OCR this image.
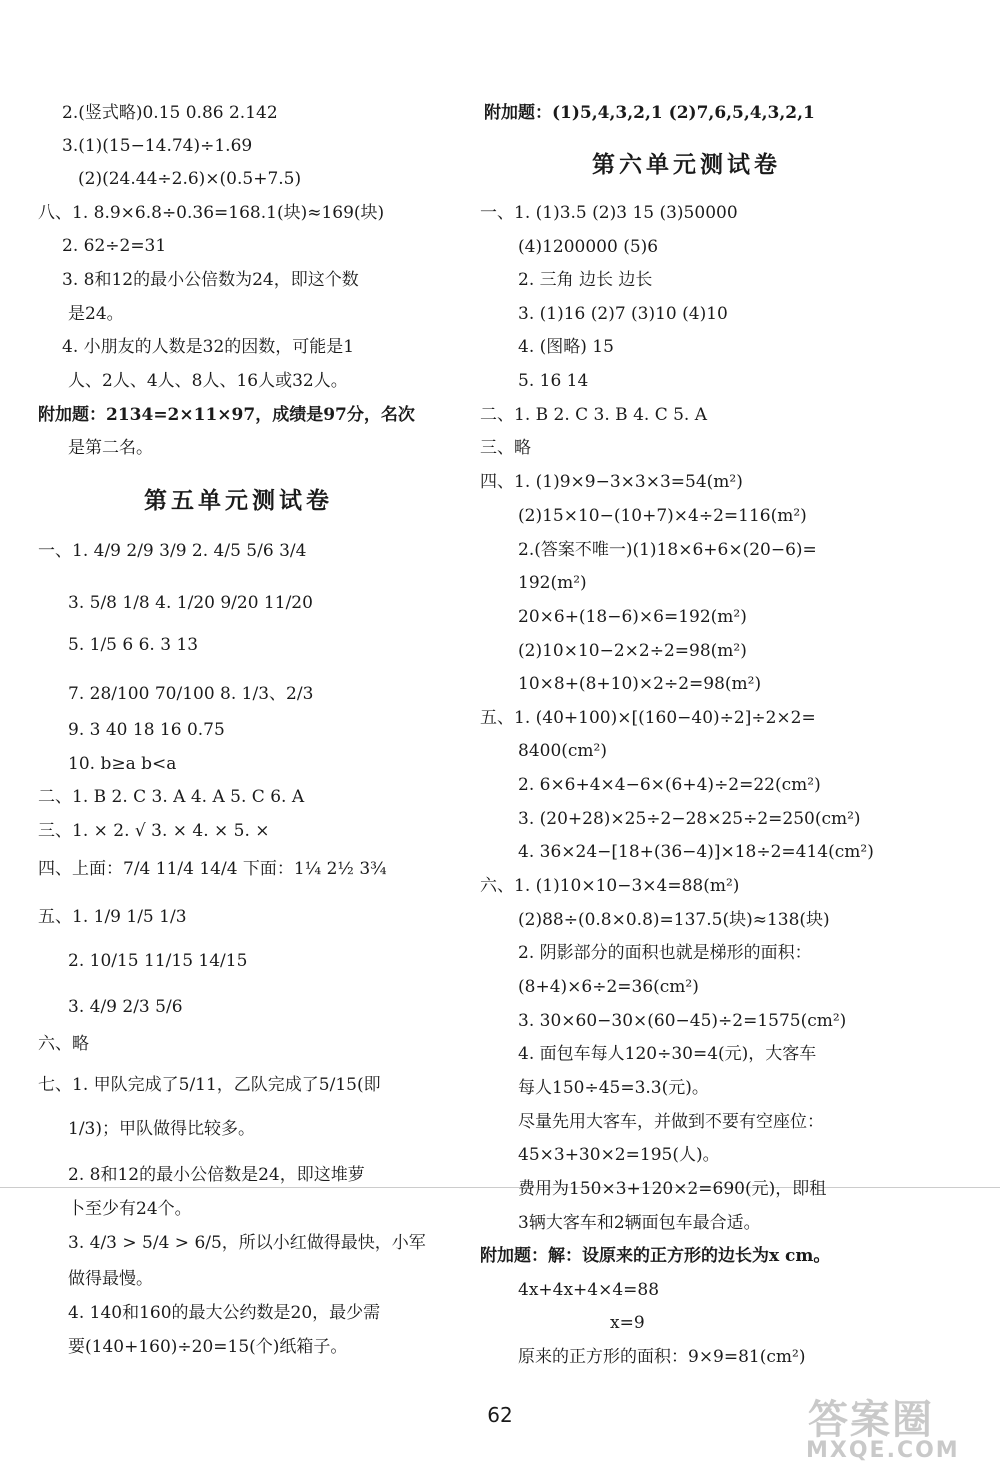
2.(竖式略)0.15 0.86 2.142
3.(1)(15−14.74)÷1.69
(2)(24.44÷2.6)×(0.5+7.5)
八、1. 8.9×6.8÷0.36=168.1(块)≈169(块)
2. 62÷2=31
3. 8和12的最小公倍数为24，即这个数
是24。
4. 小朋友的人数是32的因数，可能是1
人、2人、4人、8人、16人或32人。
附加题：2134=2×11×97，成绩是97分，名次
是第二名。
第五单元测试卷
一、1. 4/9 2/9 3/9 2. 4/5 5/6 3/4
3. 5/8 1/8 4. 1/20 9/20 11/20
5. 1/5 6 6. 3 13
7. 28/100 70/100 8. 1/3、2/3
9. 3 40 18 16 0.75
10. b≥a b<a
二、1. B 2. C 3. A 4. A 5. C 6. A
三、1. × 2. √ 3. × 4. × 5. ×
四、上面：7/4 11/4 14/4 下面：1¼ 2½ 3¾
五、1. 1/9 1/5 1/3
2. 10/15 11/15 14/15
3. 4/9 2/3 5/6
六、略
七、1. 甲队完成了5/11，乙队完成了5/15(即
1/3)；甲队做得比较多。
2. 8和12的最小公倍数是24，即这堆萝
卜至少有24个。
3. 4/3 > 5/4 > 6/5，所以小红做得最快，小军
做得最慢。
4. 140和160的最大公约数是20，最少需
要(140+160)÷20=15(个)纸箱子。
附加题：(1)5,4,3,2,1 (2)7,6,5,4,3,2,1
第六单元测试卷
一、1. (1)3.5 (2)3 15 (3)50000
(4)1200000 (5)6
2. 三角 边长 边长
3. (1)16 (2)7 (3)10 (4)10
4. (图略) 15
5. 16 14
二、1. B 2. C 3. B 4. C 5. A
三、略
四、1. (1)9×9−3×3×3=54(m²)
(2)15×10−(10+7)×4÷2=116(m²)
2.(答案不唯一)(1)18×6+6×(20−6)=
192(m²)
20×6+(18−6)×6=192(m²)
(2)10×10−2×2÷2=98(m²)
10×8+(8+10)×2÷2=98(m²)
五、1. (40+100)×[(160−40)÷2]÷2×2=
8400(cm²)
2. 6×6+4×4−6×(6+4)÷2=22(cm²)
3. (20+28)×25÷2−28×25÷2=250(cm²)
4. 36×24−[18+(36−4)]×18÷2=414(cm²)
六、1. (1)10×10−3×4=88(m²)
(2)88÷(0.8×0.8)=137.5(块)≈138(块)
2. 阴影部分的面积也就是梯形的面积：
(8+4)×6÷2=36(cm²)
3. 30×60−30×(60−45)÷2=1575(cm²)
4. 面包车每人120÷30=4(元)，大客车
每人150÷45=3.3(元)。
尽量先用大客车，并做到不要有空座位：
45×3+30×2=195(人)。
费用为150×3+120×2=690(元)，即租
3辆大客车和2辆面包车最合适。
附加题：解：设原来的正方形的边长为x cm。
4x+4x+4×4=88
x=9
原来的正方形的面积：9×9=81(cm²)
62	答案圈
MXQE.COM
